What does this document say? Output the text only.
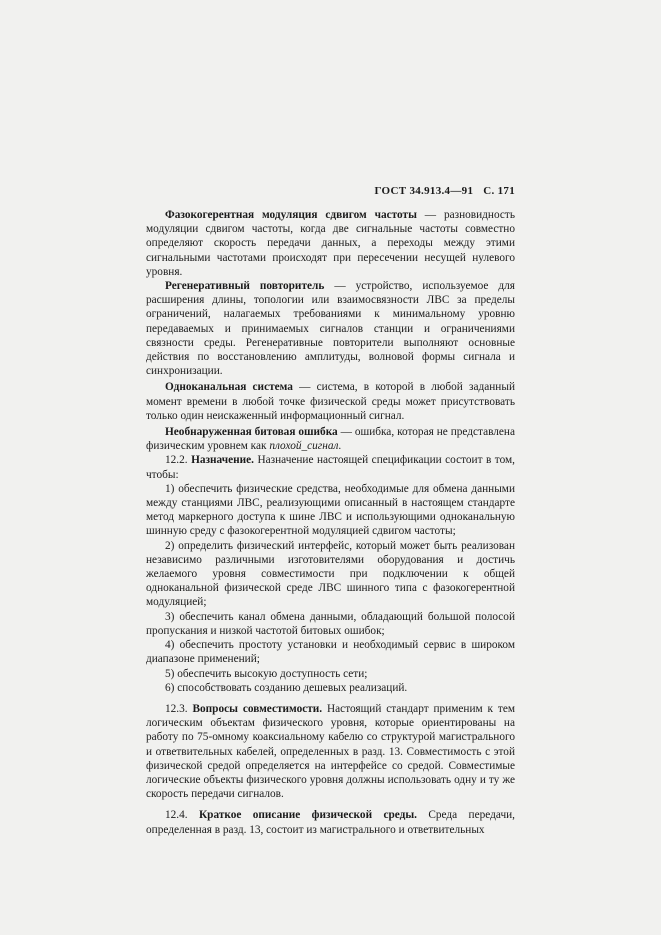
ГОСТ 34.913.4—91 С. 171

Фазокогерентная модуляция сдвигом частоты — разновидность модуляции сдвигом частоты, когда две сигнальные частоты совместно определяют скорость передачи данных, а переходы между этими сигнальными частотами происходят при пересечении несущей нулевого уровня.

Регенеративный повторитель — устройство, используемое для расширения длины, топологии или взаимосвязности ЛВС за пределы ограничений, налагаемых требованиями к минимальному уровню передаваемых и принимаемых сигналов станции и ограничениями связности среды. Регенеративные повторители выполняют основные действия по восстановлению амплитуды, волновой формы сигнала и синхронизации.

Одноканальная система — система, в которой в любой заданный момент времени в любой точке физической среды может присутствовать только один неискаженный информационный сигнал.

Необнаруженная битовая ошибка — ошибка, которая не представлена физическим уровнем как плохой_сигнал.

12.2. Назначение. Назначение настоящей спецификации состоит в том, чтобы:

1) обеспечить физические средства, необходимые для обмена данными между станциями ЛВС, реализующими описанный в настоящем стандарте метод маркерного доступа к шине ЛВС и использующими одноканальную шинную среду с фазокогерентной модуляцией сдвигом частоты;

2) определить физический интерфейс, который может быть реализован независимо различными изготовителями оборудования и достичь желаемого уровня совместимости при подключении к общей одноканальной физической среде ЛВС шинного типа с фазокогерентной модуляцией;

3) обеспечить канал обмена данными, обладающий большой полосой пропускания и низкой частотой битовых ошибок;

4) обеспечить простоту установки и необходимый сервис в широком диапазоне применений;

5) обеспечить высокую доступность сети;

6) способствовать созданию дешевых реализаций.

12.3. Вопросы совместимости. Настоящий стандарт применим к тем логическим объектам физического уровня, которые ориентированы на работу по 75-омному коаксиальному кабелю со структурой магистрального и ответвительных кабелей, определенных в разд. 13. Совместимость с этой физической средой определяется на интерфейсе со средой. Совместимые логические объекты физического уровня должны использовать одну и ту же скорость передачи сигналов.

12.4. Краткое описание физической среды. Среда передачи, определенная в разд. 13, состоит из магистрального и ответвительных
